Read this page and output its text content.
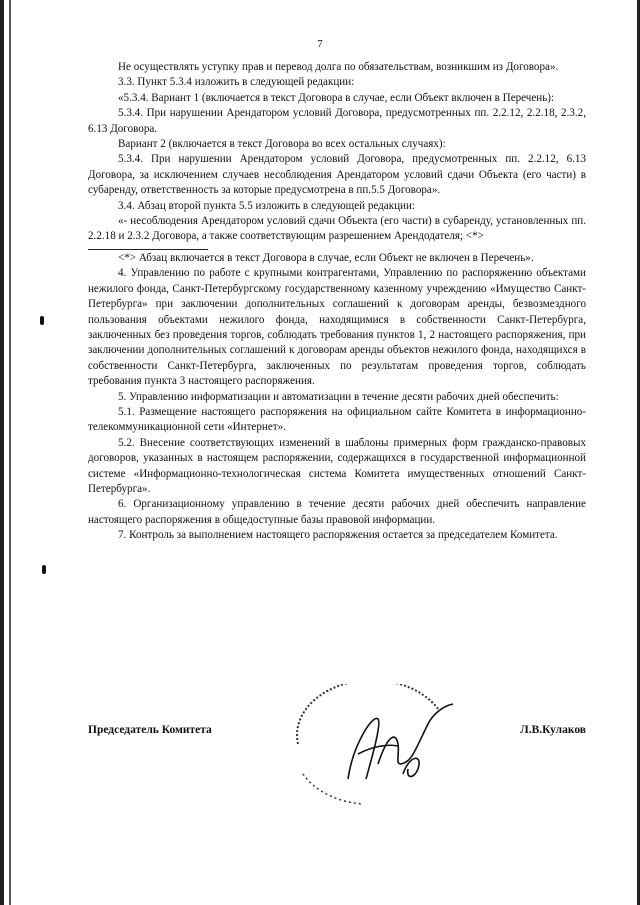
7

Не осуществлять уступку прав и перевод долга по обязательствам, возникшим из Договора».

3.3. Пункт 5.3.4 изложить в следующей редакции:

«5.3.4. Вариант 1 (включается в текст Договора в случае, если Объект включен в Перечень):

5.3.4. При нарушении Арендатором условий Договора, предусмотренных пп. 2.2.12, 2.2.18, 2.3.2, 6.13 Договора.

Вариант 2 (включается в текст Договора во всех остальных случаях):

5.3.4. При нарушении Арендатором условий Договора, предусмотренных пп. 2.2.12, 6.13 Договора, за исключением случаев несоблюдения Арендатором условий сдачи Объекта (его части) в субаренду, ответственность за которые предусмотрена в пп.5.5 Договора».

3.4. Абзац второй пункта 5.5 изложить в следующей редакции:

«- несоблюдения Арендатором условий сдачи Объекта (его части) в субаренду, установленных пп. 2.2.18 и 2.3.2 Договора, а также соответствующим разрешением Арендодателя; <*>

<*> Абзац включается в текст Договора в случае, если Объект не включен в Перечень».

4. Управлению по работе с крупными контрагентами, Управлению по распоряжению объектами нежилого фонда, Санкт-Петербургскому государственному казенному учреждению «Имущество Санкт-Петербурга» при заключении дополнительных соглашений к договорам аренды, безвозмездного пользования объектами нежилого фонда, находящимися в собственности Санкт-Петербурга, заключенных без проведения торгов, соблюдать требования пунктов 1, 2 настоящего распоряжения, при заключении дополнительных соглашений к договорам аренды объектов нежилого фонда, находящихся в собственности Санкт-Петербурга, заключенных по результатам проведения торгов, соблюдать требования пункта 3 настоящего распоряжения.

5. Управлению информатизации и автоматизации в течение десяти рабочих дней обеспечить:

5.1. Размещение настоящего распоряжения на официальном сайте Комитета в информационно-телекоммуникационной сети «Интернет».

5.2. Внесение соответствующих изменений в шаблоны примерных форм гражданско-правовых договоров, указанных в настоящем распоряжении, содержащихся в государственной информационной системе «Информационно-технологическая система Комитета имущественных отношений Санкт-Петербурга».

6. Организационному управлению в течение десяти рабочих дней обеспечить направление настоящего распоряжения в общедоступные базы правовой информации.

7. Контроль за выполнением настоящего распоряжения остается за председателем Комитета.

Председатель Комитета	Л.В.Кулаков
